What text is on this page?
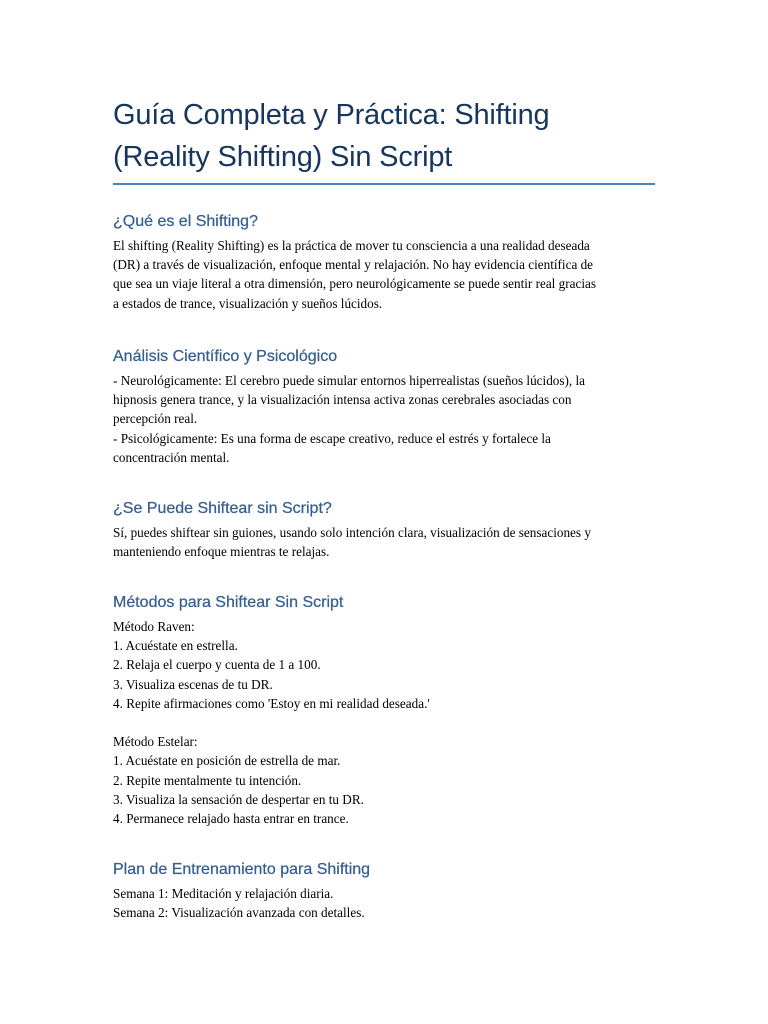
Guía Completa y Práctica: Shifting
(Reality Shifting) Sin Script
¿Qué es el Shifting?

El shifting (Reality Shifting) es la práctica de mover tu consciencia a una realidad deseada

(DR) a través de visualización, enfoque mental y relajación. No hay evidencia científica de

que sea un viaje literal a otra dimensión, pero neurológicamente se puede sentir real gracias

a estados de trance, visualización y sueños lúcidos.

Análisis Científico y Psicológico

- Neurológicamente: El cerebro puede simular entornos hiperrealistas (sueños lúcidos), la

hipnosis genera trance, y la visualización intensa activa zonas cerebrales asociadas con

percepción real.

- Psicológicamente: Es una forma de escape creativo, reduce el estrés y fortalece la

concentración mental.

¿Se Puede Shiftear sin Script?

Sí, puedes shiftear sin guiones, usando solo intención clara, visualización de sensaciones y

manteniendo enfoque mientras te relajas.

Métodos para Shiftear Sin Script

Método Raven:

1. Acuéstate en estrella.

2. Relaja el cuerpo y cuenta de 1 a 100.

3. Visualiza escenas de tu DR.

4. Repite afirmaciones como 'Estoy en mi realidad deseada.'

Método Estelar:

1. Acuéstate en posición de estrella de mar.

2. Repite mentalmente tu intención.

3. Visualiza la sensación de despertar en tu DR.

4. Permanece relajado hasta entrar en trance.

Plan de Entrenamiento para Shifting

Semana 1: Meditación y relajación diaria.

Semana 2: Visualización avanzada con detalles.
